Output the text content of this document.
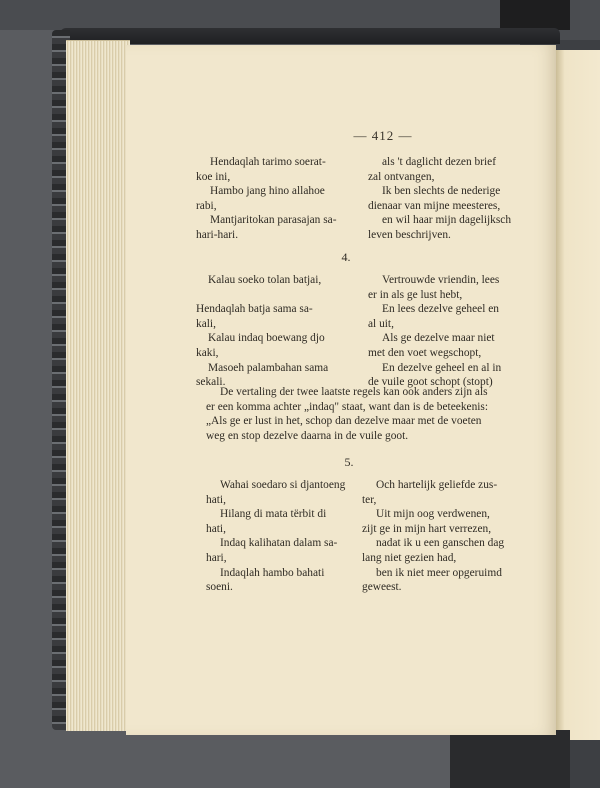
— 412 —
Hendaqlah tarimo soerat-
koe ini,
Hambo jang hino allahoe
rabi,
Mantjaritokan parasajan sa-
hari-hari.
als 't daglicht dezen brief
zal ontvangen,
Ik ben slechts de nederige
dienaar van mijne meesteres,
en wil haar mijn dagelijksch
leven beschrijven.
4.
Kalau soeko tolan batjai,

Hendaqlah batja sama sa-
kali,
Kalau indaq boewang djo
kaki,
Masoeh palambahan sama
sekali.
Vertrouwde vriendin, lees
er in als ge lust hebt,
En lees dezelve geheel en
al uit,
Als ge dezelve maar niet
met den voet wegschopt,
En dezelve geheel en al in
de vuile goot schopt (stopt)
De vertaling der twee laatste regels kan ook anders zijn als
er een komma achter „indaq" staat, want dan is de beteekenis:
„Als ge er lust in het, schop dan dezelve maar met de voeten
weg en stop dezelve daarna in de vuile goot.
5.
Wahai soedaro si djantoeng
hati,
Hilang di mata tërbit di
hati,
Indaq kalihatan dalam sa-
hari,
Indaqlah hambo bahati
soeni.
Och hartelijk geliefde zus-
ter,
Uit mijn oog verdwenen,
zijt ge in mijn hart verrezen,
nadat ik u een ganschen dag
lang niet gezien had,
ben ik niet meer opgeruimd
geweest.
